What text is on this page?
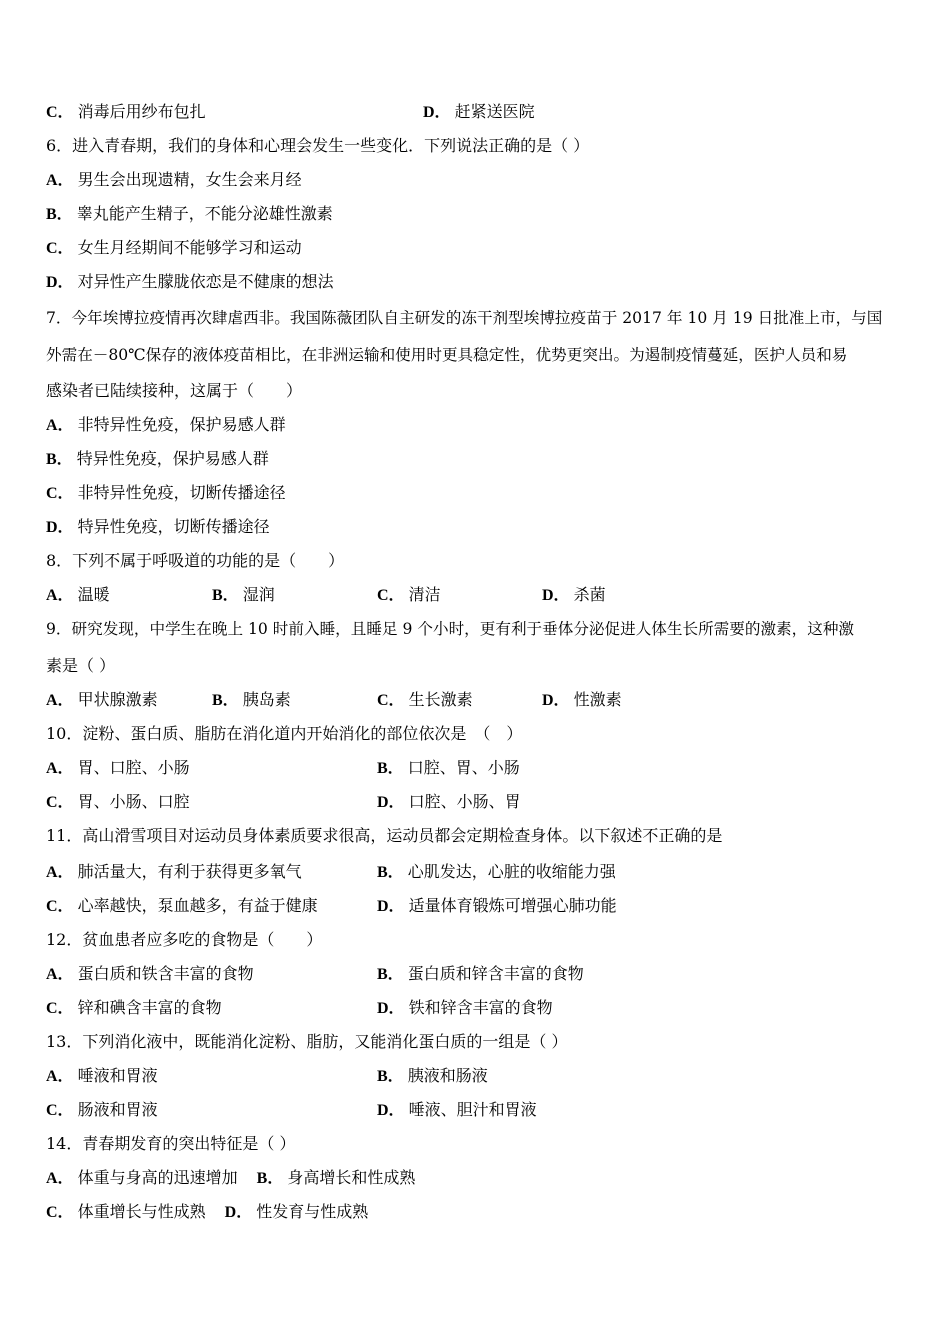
C． 消毒后用纱布包扎	D． 赶紧送医院
6．进入青春期，我们的身体和心理会发生一些变化．下列说法正确的是（ ）
A． 男生会出现遗精，女生会来月经
B． 睾丸能产生精子，不能分泌雄性激素
C． 女生月经期间不能够学习和运动
D． 对异性产生朦胧依恋是不健康的想法
7．今年埃博拉疫情再次肆虐西非。我国陈薇团队自主研发的冻干剂型埃博拉疫苗于 2017 年 10 月 19 日批准上市，与国
外需在－80℃保存的液体疫苗相比，在非洲运输和使用时更具稳定性，优势更突出。为遏制疫情蔓延，医护人员和易
感染者已陆续接种，这属于（　　）
A． 非特异性免疫，保护易感人群
B． 特异性免疫，保护易感人群
C． 非特异性免疫，切断传播途径
D． 特异性免疫，切断传播途径
8．下列不属于呼吸道的功能的是（　　）
A． 温暖	B． 湿润	C． 清洁	D． 杀菌
9．研究发现，中学生在晚上 10 时前入睡，且睡足 9 个小时，更有利于垂体分泌促进人体生长所需要的激素，这种激
素是（ ）
A． 甲状腺激素	B． 胰岛素	C． 生长激素	D． 性激素
10．淀粉、蛋白质、脂肪在消化道内开始消化的部位依次是　（　）
A． 胃、口腔、小肠	B． 口腔、胃、小肠
C． 胃、小肠、口腔	D． 口腔、小肠、胃
11．高山滑雪项目对运动员身体素质要求很高，运动员都会定期检查身体。以下叙述不正确的是
A． 肺活量大，有利于获得更多氧气	B． 心肌发达，心脏的收缩能力强
C． 心率越快，泵血越多，有益于健康	D． 适量体育锻炼可增强心肺功能
12．贫血患者应多吃的食物是（　　）
A． 蛋白质和铁含丰富的食物	B． 蛋白质和锌含丰富的食物
C． 锌和碘含丰富的食物	D． 铁和锌含丰富的食物
13．下列消化液中，既能消化淀粉、脂肪，又能消化蛋白质的一组是（ ）
A． 唾液和胃液	B． 胰液和肠液
C． 肠液和胃液	D． 唾液、胆汁和胃液
14．青春期发育的突出特征是（ ）
A． 体重与身高的迅速增加 B． 身高增长和性成熟
C． 体重增长与性成熟 D． 性发育与性成熟
